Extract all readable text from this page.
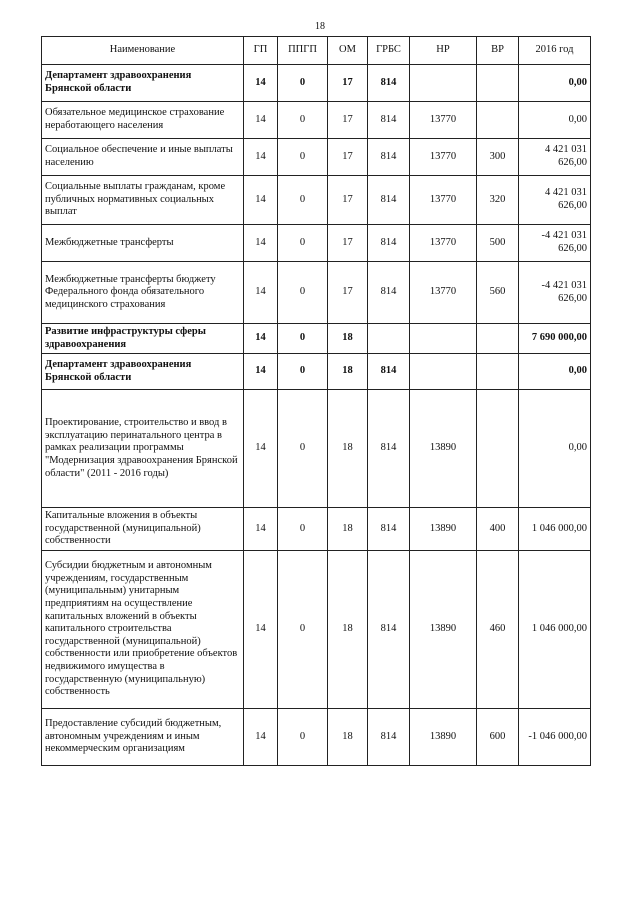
18
Наименование	ГП	ППГП	ОМ	ГРБС	НР	ВР	2016 год
Департамент здравоохранения Брянской области	14	0	17	814			0,00
Обязательное медицинское страхование неработающего населения	14	0	17	814	13770		0,00
Социальное обеспечение и иные выплаты населению	14	0	17	814	13770	300	4 421 031 626,00
Социальные выплаты гражданам, кроме публичных нормативных социальных выплат	14	0	17	814	13770	320	4 421 031 626,00
Межбюджетные трансферты	14	0	17	814	13770	500	-4 421 031 626,00
Межбюджетные трансферты бюджету Федерального фонда обязательного медицинского страхования	14	0	17	814	13770	560	-4 421 031 626,00
Развитие инфраструктуры сферы здравоохранения	14	0	18				7 690 000,00
Департамент здравоохранения Брянской области	14	0	18	814			0,00
Проектирование, строительство и ввод в эксплуатацию перинатального центра в рамках реализации программы "Модернизация здравоохранения Брянской области" (2011 - 2016 годы)	14	0	18	814	13890		0,00
Капитальные вложения в объекты государственной (муниципальной) собственности	14	0	18	814	13890	400	1 046 000,00
Субсидии бюджетным и автономным учреждениям, государственным (муниципальным) унитарным предприятиям на осуществление капитальных вложений в объекты капитального строительства государственной (муниципальной) собственности или приобретение объектов недвижимого имущества в государственную (муниципальную) собственность	14	0	18	814	13890	460	1 046 000,00
Предоставление субсидий бюджетным, автономным учреждениям и иным некоммерческим организациям	14	0	18	814	13890	600	-1 046 000,00
